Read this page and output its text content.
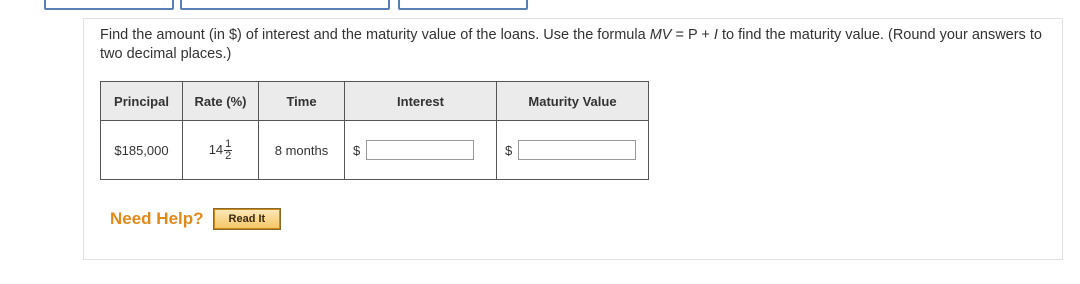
Find the amount (in $) of interest and the maturity value of the loans. Use the formula MV = P + I to find the maturity value. (Round your answers to two decimal places.)
Principal	Rate (%)	Time	Interest	Maturity Value
$185,000	$14 \frac{1}{2}$	8 months	$	$
Need Help?	Read It
